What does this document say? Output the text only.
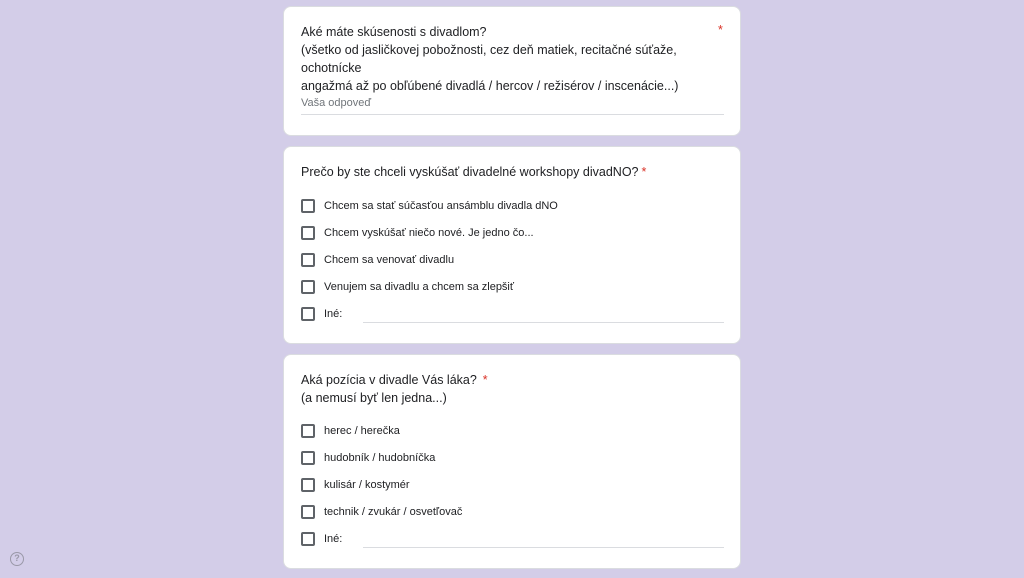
Aké máte skúsenosti s divadlom?
(všetko od jasličkovej pobožnosti, cez deň matiek, recitačné súťaže, ochotnícke
angažmá až po obľúbené divadlá / hercov / režisérov / inscenácie...)
*
Vaša odpoveď
Prečo by ste chceli vyskúšať divadelné workshopy divadNO? *
Chcem sa stať súčasťou ansámblu divadla dNO
Chcem vyskúšať niečo nové. Je jedno čo...
Chcem sa venovať divadlu
Venujem sa divadlu a chcem sa zlepšiť
Iné:
Aká pozícia v divadle Vás láka? *
(a nemusí byť len jedna...)
herec / herečka
hudobník / hudobníčka
kulisár / kostymér
technik / zvukár / osvetľovač
Iné:
?
